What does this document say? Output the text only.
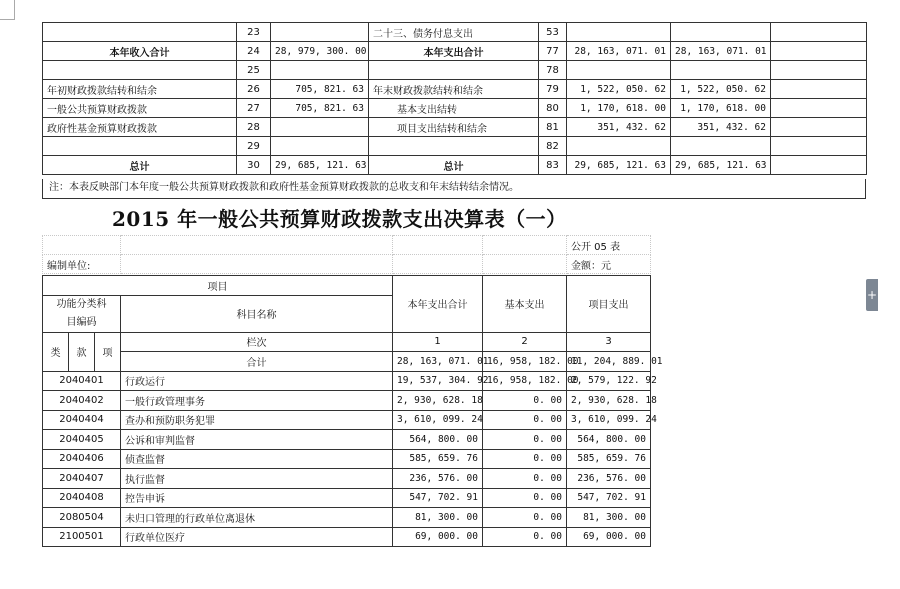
	23		二十三、债务付息支出	53			
本年收入合计	24	28, 979, 300. 00	本年支出合计	77	28, 163, 071. 01	28, 163, 071. 01	
	25			78			
年初财政拨款结转和结余	26	705, 821. 63	年末财政拨款结转和结余	79	1, 522, 050. 62	1, 522, 050. 62	
一般公共预算财政拨款	27	705, 821. 63	基本支出结转	80	1, 170, 618. 00	1, 170, 618. 00	
政府性基金预算财政拨款	28		项目支出结转和结余	81	351, 432. 62	351, 432. 62	
	29			82			
总计	30	29, 685, 121. 63	总计	83	29, 685, 121. 63	29, 685, 121. 63	
注：本表反映部门本年度一般公共预算财政拨款和政府性基金预算财政拨款的总收支和年末结转结余情况。
2015 年一般公共预算财政拨款支出决算表（一）
				公开 05 表
编制单位:				金额：元
项目				本年支出合计	基本支出	项目支出
功能分类科目编码			科目名称			
类	款	项	栏次	1	2	3
			合计	28, 163, 071. 01	16, 958, 182. 00	11, 204, 889. 01
2040401			行政运行	19, 537, 304. 92	16, 958, 182. 00	2, 579, 122. 92
2040402			一般行政管理事务	2, 930, 628. 18	0. 00	2, 930, 628. 18
2040404			查办和预防职务犯罪	3, 610, 099. 24	0. 00	3, 610, 099. 24
2040405			公诉和审判监督	564, 800. 00	0. 00	564, 800. 00
2040406			侦查监督	585, 659. 76	0. 00	585, 659. 76
2040407			执行监督	236, 576. 00	0. 00	236, 576. 00
2040408			控告申诉	547, 702. 91	0. 00	547, 702. 91
2080504			未归口管理的行政单位离退休	81, 300. 00	0. 00	81, 300. 00
2100501			行政单位医疗	69, 000. 00	0. 00	69, 000. 00
+
